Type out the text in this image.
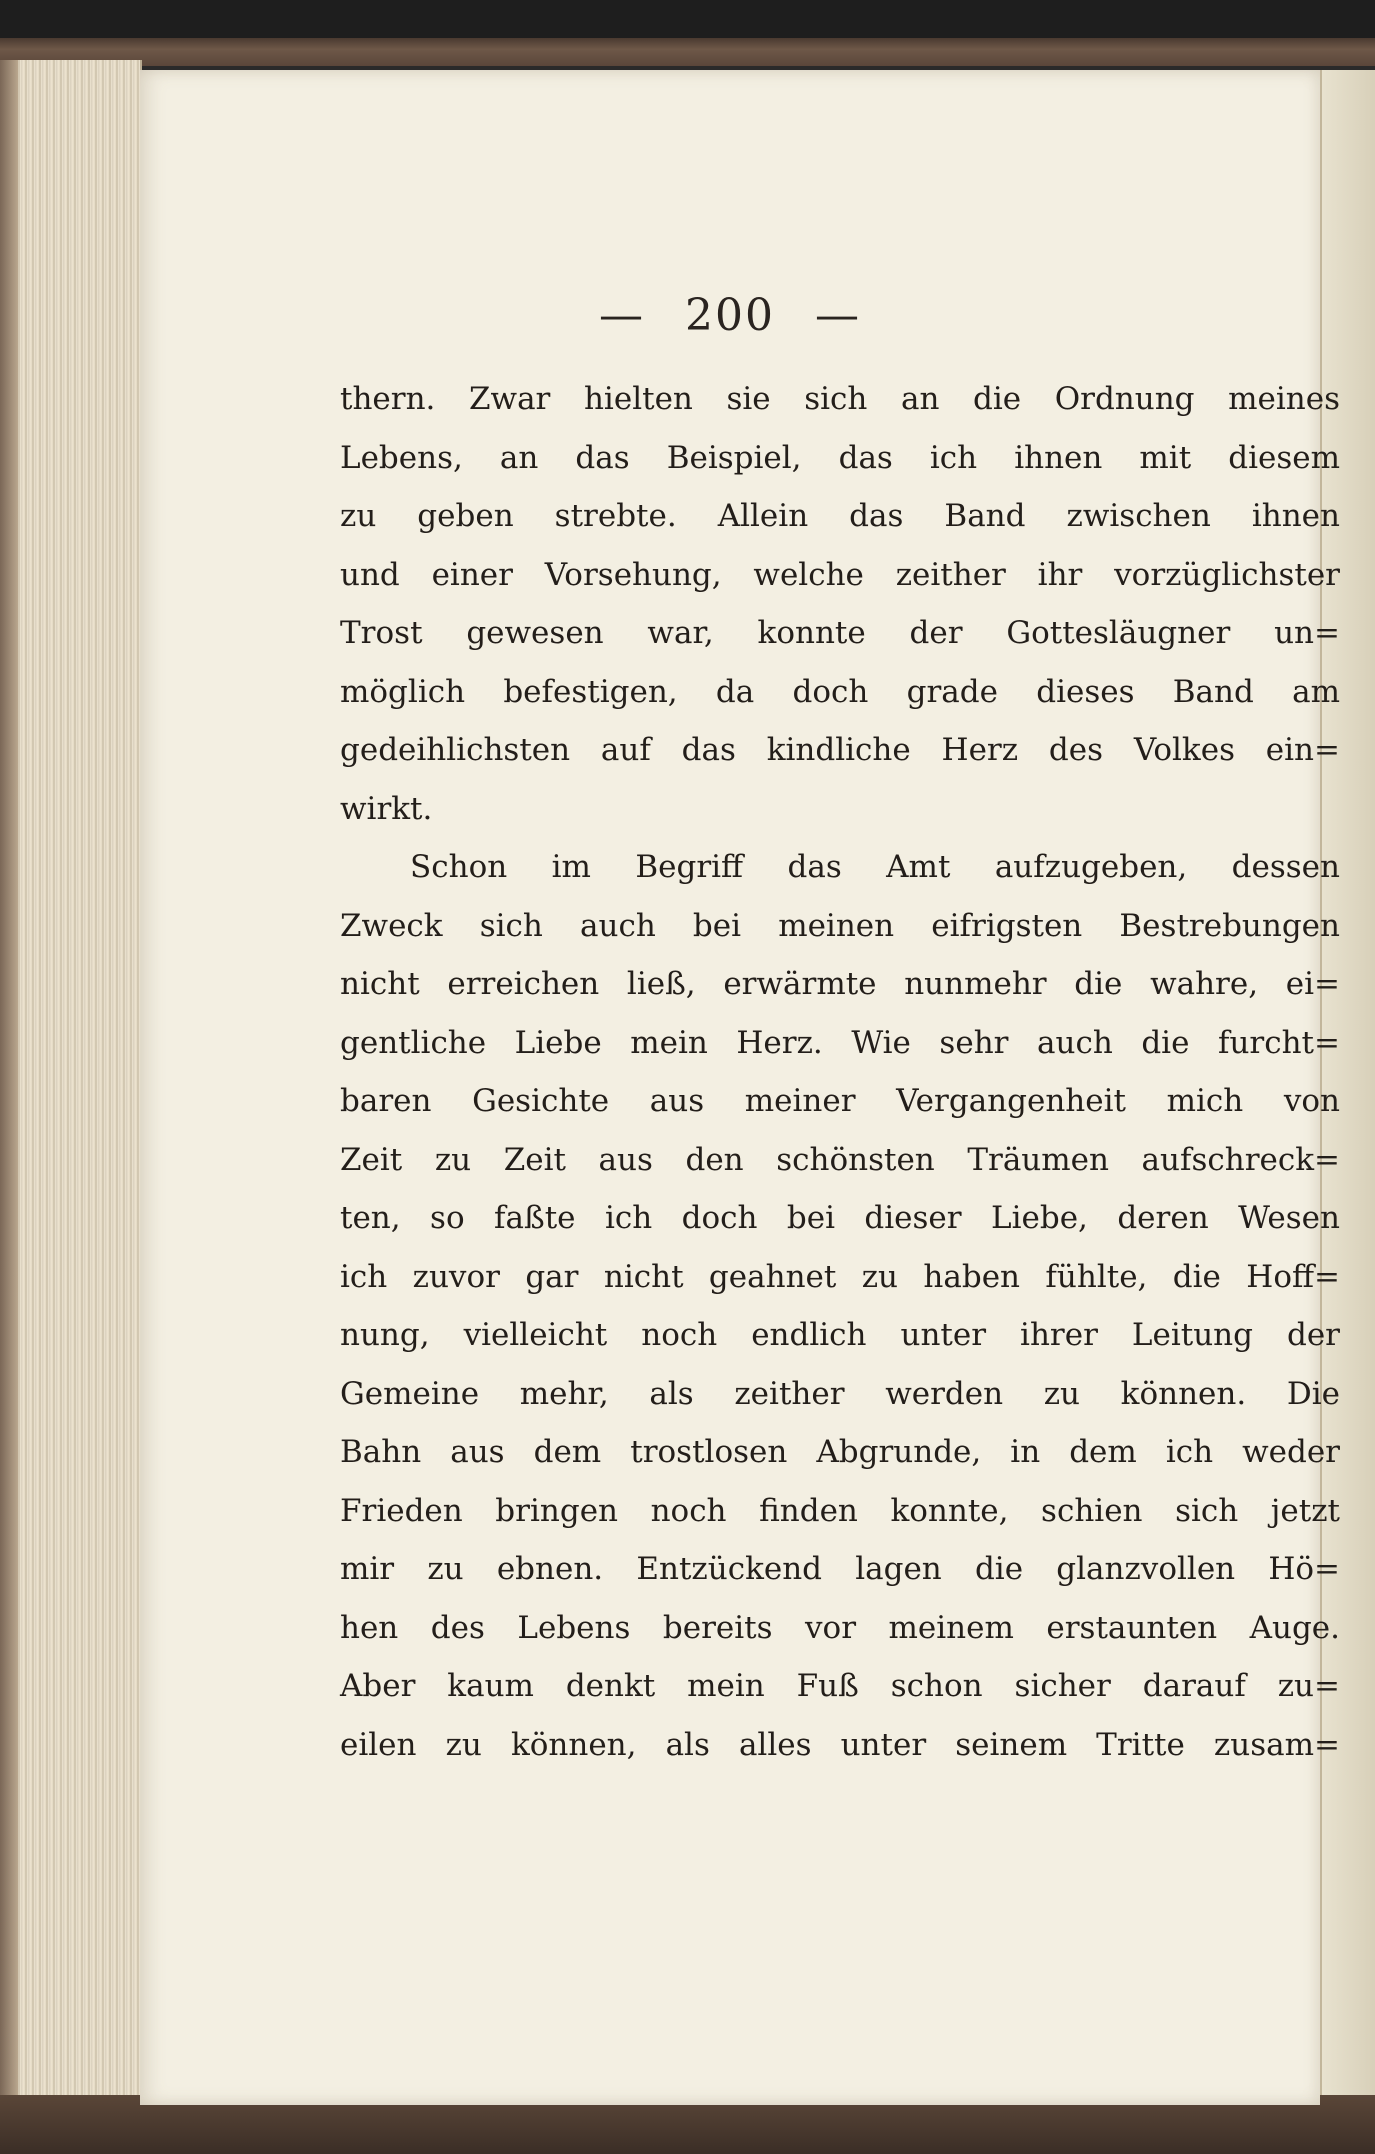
— 200 —
thern. Zwar hielten sie sich an die Ordnung meines
Lebens, an das Beispiel, das ich ihnen mit diesem
zu geben strebte. Allein das Band zwischen ihnen
und einer Vorsehung, welche zeither ihr vorzüglichster
Trost gewesen war, konnte der Gottesläugner un=
möglich befestigen, da doch grade dieses Band am
gedeihlichsten auf das kindliche Herz des Volkes ein=
wirkt.
Schon im Begriff das Amt aufzugeben, dessen
Zweck sich auch bei meinen eifrigsten Bestrebungen
nicht erreichen ließ, erwärmte nunmehr die wahre, ei=
gentliche Liebe mein Herz. Wie sehr auch die furcht=
baren Gesichte aus meiner Vergangenheit mich von
Zeit zu Zeit aus den schönsten Träumen aufschreck=
ten, so faßte ich doch bei dieser Liebe, deren Wesen
ich zuvor gar nicht geahnet zu haben fühlte, die Hoff=
nung, vielleicht noch endlich unter ihrer Leitung der
Gemeine mehr, als zeither werden zu können. Die
Bahn aus dem trostlosen Abgrunde, in dem ich weder
Frieden bringen noch finden konnte, schien sich jetzt
mir zu ebnen. Entzückend lagen die glanzvollen Hö=
hen des Lebens bereits vor meinem erstaunten Auge.
Aber kaum denkt mein Fuß schon sicher darauf zu=
eilen zu können, als alles unter seinem Tritte zusam=
